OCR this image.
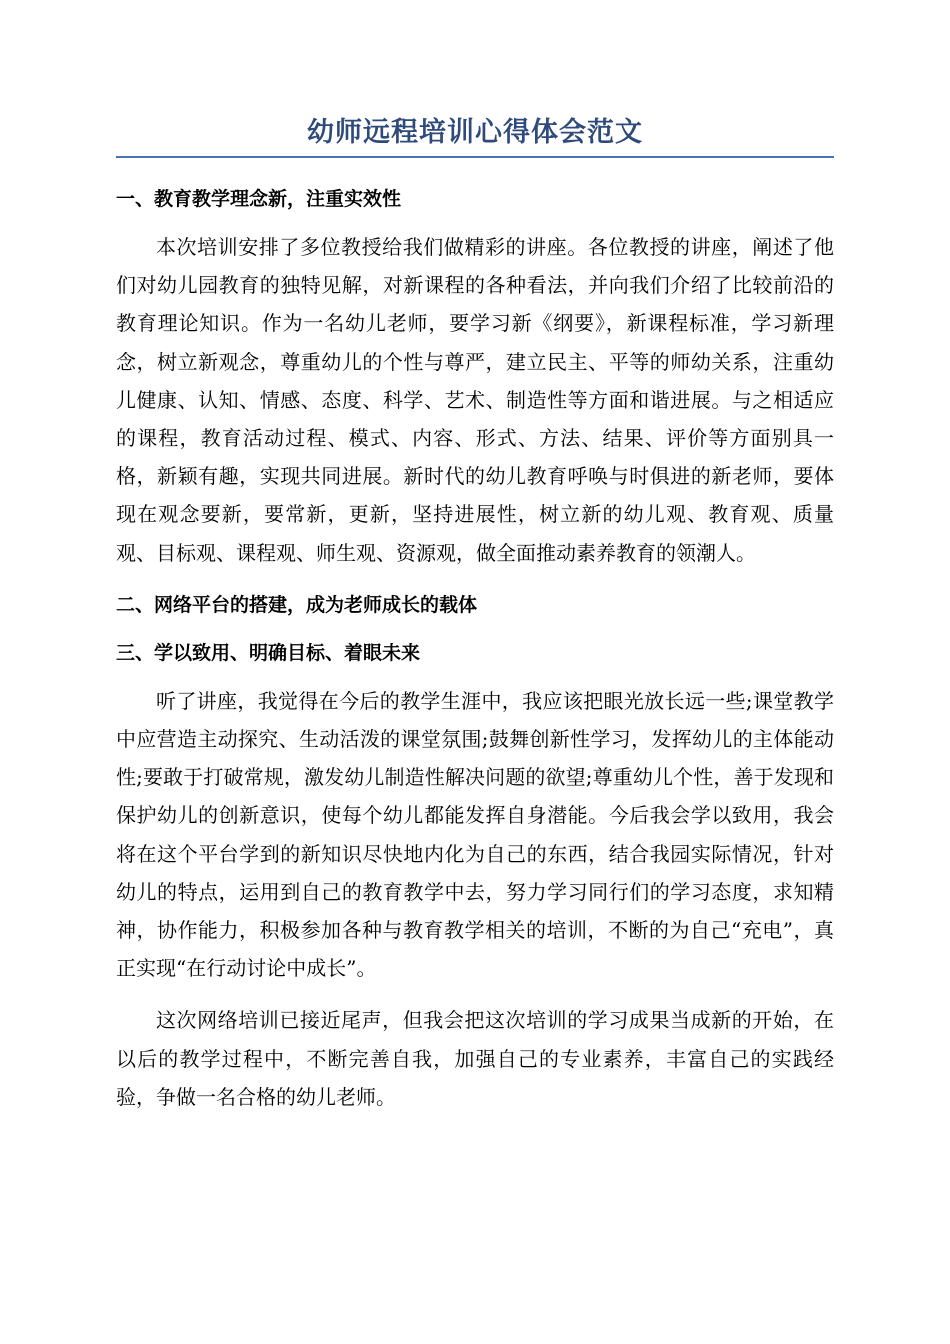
幼师远程培训心得体会范文
一、教育教学理念新，注重实效性

本次培训安排了多位教授给我们做精彩的讲座。各位教授的讲座，阐述了他们对幼儿园教育的独特见解，对新课程的各种看法，并向我们介绍了比较前沿的教育理论知识。作为一名幼儿老师，要学习新《纲要》，新课程标准，学习新理念，树立新观念，尊重幼儿的个性与尊严，建立民主、平等的师幼关系，注重幼儿健康、认知、情感、态度、科学、艺术、制造性等方面和谐进展。与之相适应的课程，教育活动过程、模式、内容、形式、方法、结果、评价等方面别具一格，新颖有趣，实现共同进展。新时代的幼儿教育呼唤与时俱进的新老师，要体现在观念要新，要常新，更新，坚持进展性，树立新的幼儿观、教育观、质量观、目标观、课程观、师生观、资源观，做全面推动素养教育的领潮人。

二、网络平台的搭建，成为老师成长的载体
三、学以致用、明确目标、着眼未来

听了讲座，我觉得在今后的教学生涯中，我应该把眼光放长远一些;课堂教学中应营造主动探究、生动活泼的课堂氛围;鼓舞创新性学习，发挥幼儿的主体能动性;要敢于打破常规，激发幼儿制造性解决问题的欲望;尊重幼儿个性，善于发现和保护幼儿的创新意识，使每个幼儿都能发挥自身潜能。今后我会学以致用，我会将在这个平台学到的新知识尽快地内化为自己的东西，结合我园实际情况，针对幼儿的特点，运用到自己的教育教学中去，努力学习同行们的学习态度，求知精神，协作能力，积极参加各种与教育教学相关的培训，不断的为自己“充电”，真正实现“在行动讨论中成长”。

这次网络培训已接近尾声，但我会把这次培训的学习成果当成新的开始，在以后的教学过程中，不断完善自我，加强自己的专业素养，丰富自己的实践经验，争做一名合格的幼儿老师。
